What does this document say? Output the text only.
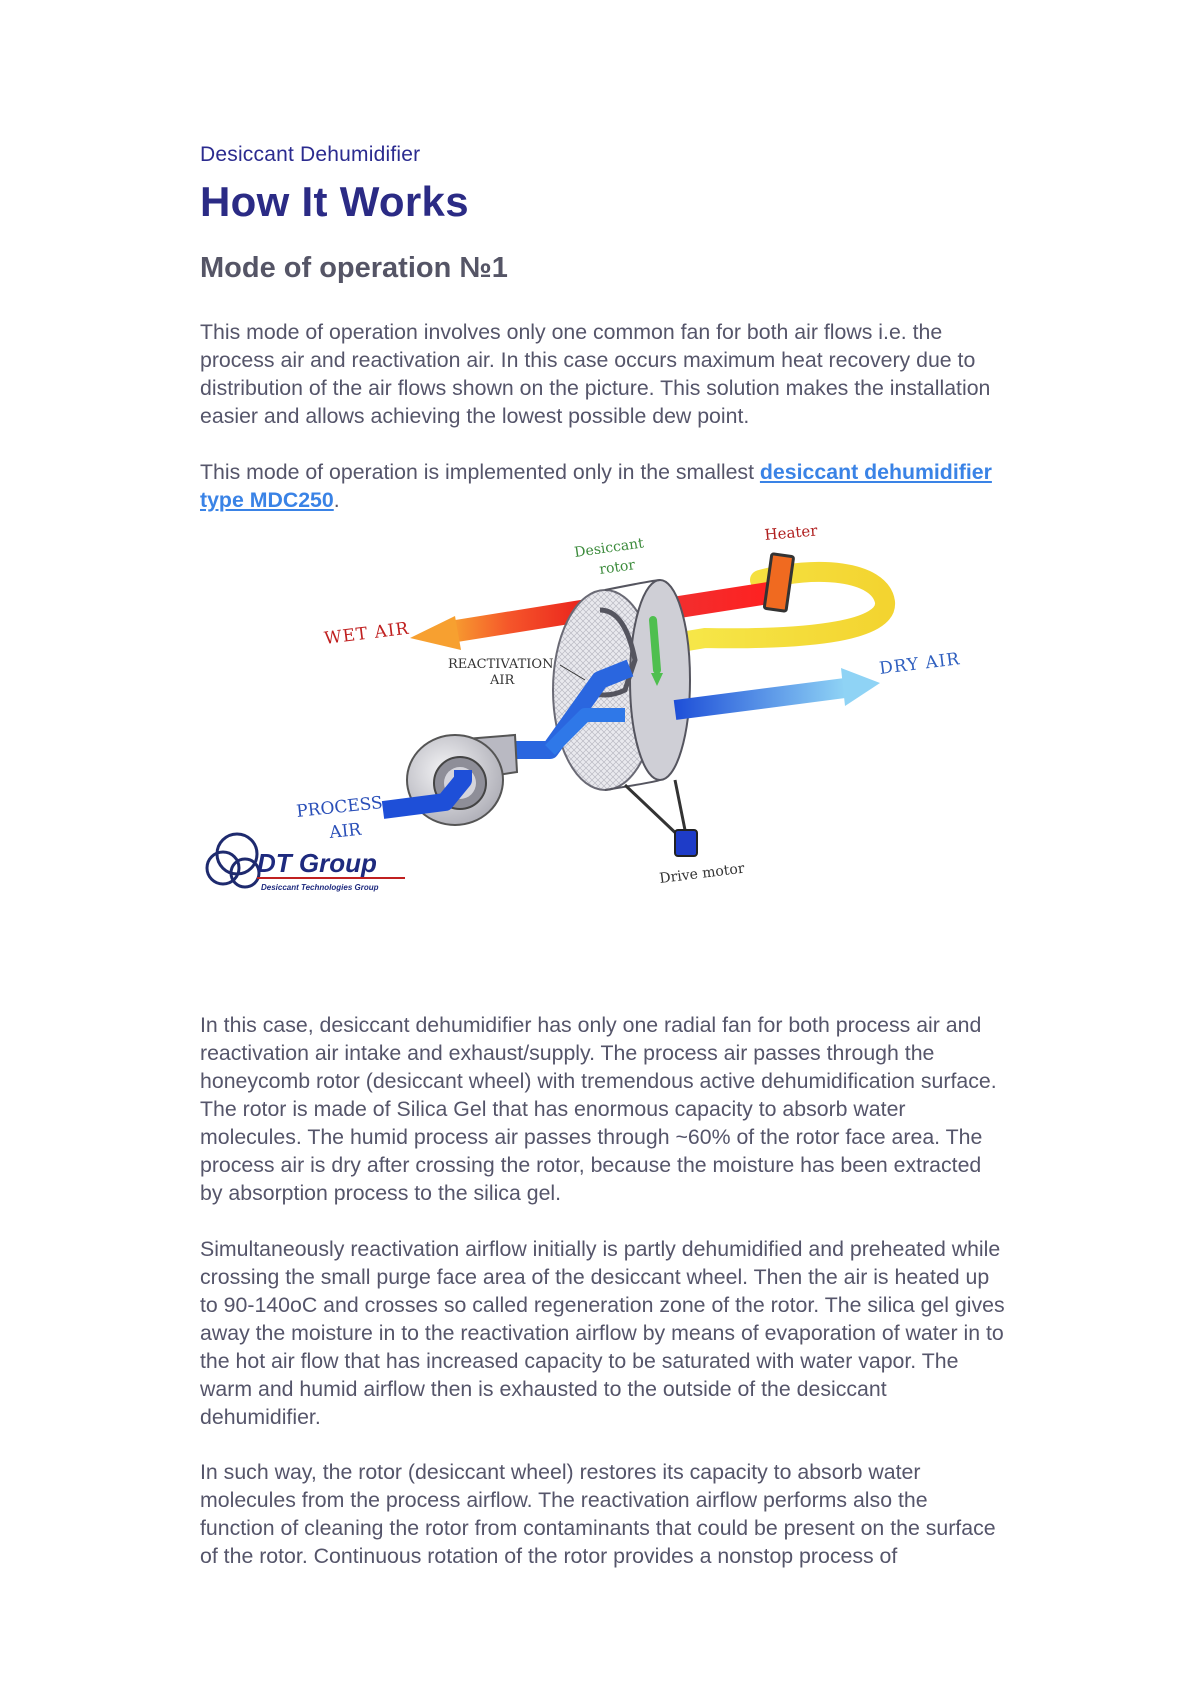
Desiccant Dehumidifier
How It Works
Mode of operation №1

This mode of operation involves only one common fan for both air flows i.e. the
process air and reactivation air. In this case occurs maximum heat recovery due to
distribution of the air flows shown on the picture. This solution makes the installation
easier and allows achieving the lowest possible dew point.

This mode of operation is implemented only in the smallest desiccant dehumidifier
type MDC250.

Heater
Desiccant
rotor
WET AIR
REACTIVATION
AIR
DRY AIR
PROCESS
AIR
Drive motor
DT Group
Desiccant Technologies Group

In this case, desiccant dehumidifier has only one radial fan for both process air and
reactivation air intake and exhaust/supply. The process air passes through the
honeycomb rotor (desiccant wheel) with tremendous active dehumidification surface.
The rotor is made of Silica Gel that has enormous capacity to absorb water
molecules. The humid process air passes through ~60% of the rotor face area. The
process air is dry after crossing the rotor, because the moisture has been extracted
by absorption process to the silica gel.

Simultaneously reactivation airflow initially is partly dehumidified and preheated while
crossing the small purge face area of the desiccant wheel. Then the air is heated up
to 90-140oC and crosses so called regeneration zone of the rotor. The silica gel gives
away the moisture in to the reactivation airflow by means of evaporation of water in to
the hot air flow that has increased capacity to be saturated with water vapor. The
warm and humid airflow then is exhausted to the outside of the desiccant
dehumidifier.

In such way, the rotor (desiccant wheel) restores its capacity to absorb water
molecules from the process airflow. The reactivation airflow performs also the
function of cleaning the rotor from contaminants that could be present on the surface
of the rotor. Continuous rotation of the rotor provides a nonstop process of
